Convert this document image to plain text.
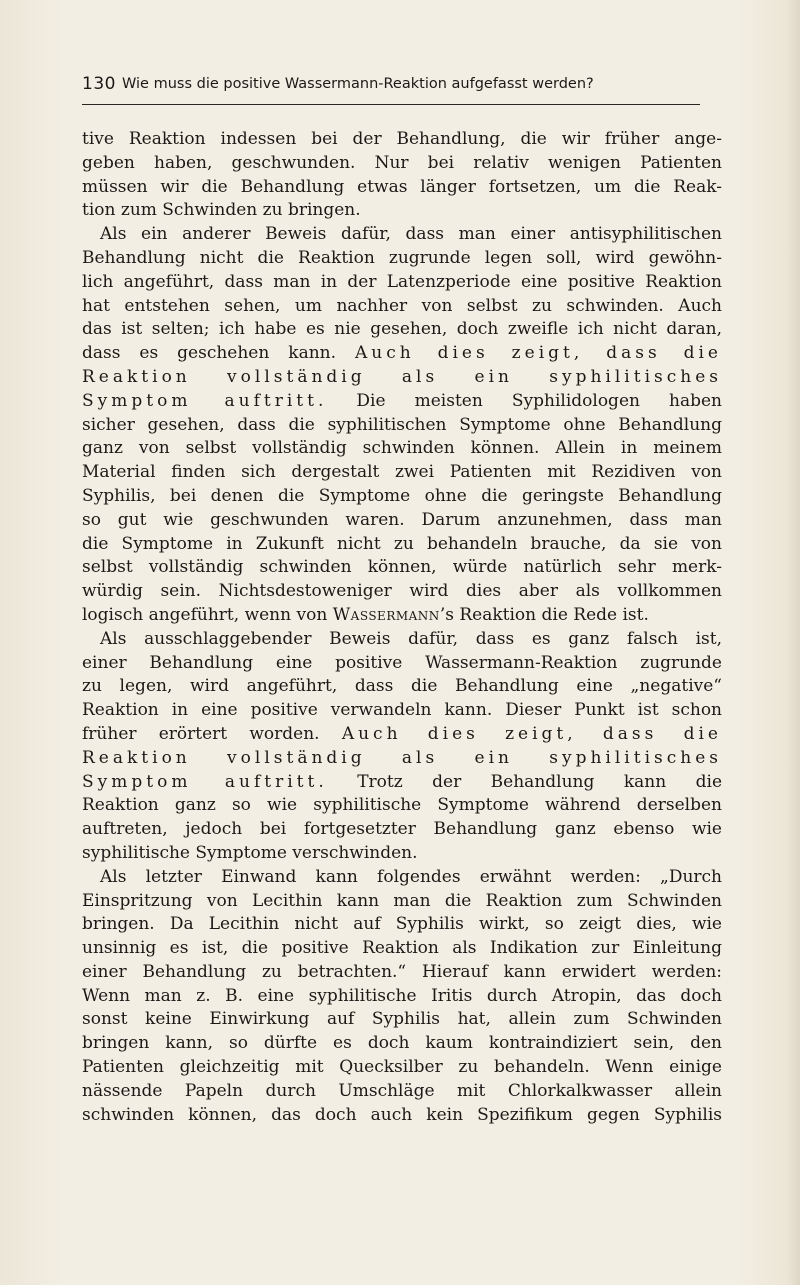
130 Wie muss die positive Wassermann-Reaktion aufgefasst werden?
tive Reaktion indessen bei der Behandlung, die wir früher ange-
geben haben, geschwunden. Nur bei relativ wenigen Patienten
müssen wir die Behandlung etwas länger fortsetzen, um die Reak-
tion zum Schwinden zu bringen.
Als ein anderer Beweis dafür, dass man einer antisyphilitischen
Behandlung nicht die Reaktion zugrunde legen soll, wird gewöhn-
lich angeführt, dass man in der Latenzperiode eine positive Reaktion
hat entstehen sehen, um nachher von selbst zu schwinden. Auch
das ist selten; ich habe es nie gesehen, doch zweifle ich nicht daran,
dass es geschehen kann. Auch dies zeigt, dass die
Reaktion vollständig als ein syphilitisches
Symptom auftritt. Die meisten Syphilidologen haben
sicher gesehen, dass die syphilitischen Symptome ohne Behandlung
ganz von selbst vollständig schwinden können. Allein in meinem
Material finden sich dergestalt zwei Patienten mit Rezidiven von
Syphilis, bei denen die Symptome ohne die geringste Behandlung
so gut wie geschwunden waren. Darum anzunehmen, dass man
die Symptome in Zukunft nicht zu behandeln brauche, da sie von
selbst vollständig schwinden können, würde natürlich sehr merk-
würdig sein. Nichtsdestoweniger wird dies aber als vollkommen
logisch angeführt, wenn von Wassermann’s Reaktion die Rede ist.
Als ausschlaggebender Beweis dafür, dass es ganz falsch ist,
einer Behandlung eine positive Wassermann-Reaktion zugrunde
zu legen, wird angeführt, dass die Behandlung eine „negative“
Reaktion in eine positive verwandeln kann. Dieser Punkt ist schon
früher erörtert worden. Auch dies zeigt, dass die
Reaktion vollständig als ein syphilitisches
Symptom auftritt. Trotz der Behandlung kann die
Reaktion ganz so wie syphilitische Symptome während derselben
auftreten, jedoch bei fortgesetzter Behandlung ganz ebenso wie
syphilitische Symptome verschwinden.
Als letzter Einwand kann folgendes erwähnt werden: „Durch
Einspritzung von Lecithin kann man die Reaktion zum Schwinden
bringen. Da Lecithin nicht auf Syphilis wirkt, so zeigt dies, wie
unsinnig es ist, die positive Reaktion als Indikation zur Einleitung
einer Behandlung zu betrachten.“ Hierauf kann erwidert werden:
Wenn man z. B. eine syphilitische Iritis durch Atropin, das doch
sonst keine Einwirkung auf Syphilis hat, allein zum Schwinden
bringen kann, so dürfte es doch kaum kontraindiziert sein, den
Patienten gleichzeitig mit Quecksilber zu behandeln. Wenn einige
nässende Papeln durch Umschläge mit Chlorkalkwasser allein
schwinden können, das doch auch kein Spezifikum gegen Syphilis
